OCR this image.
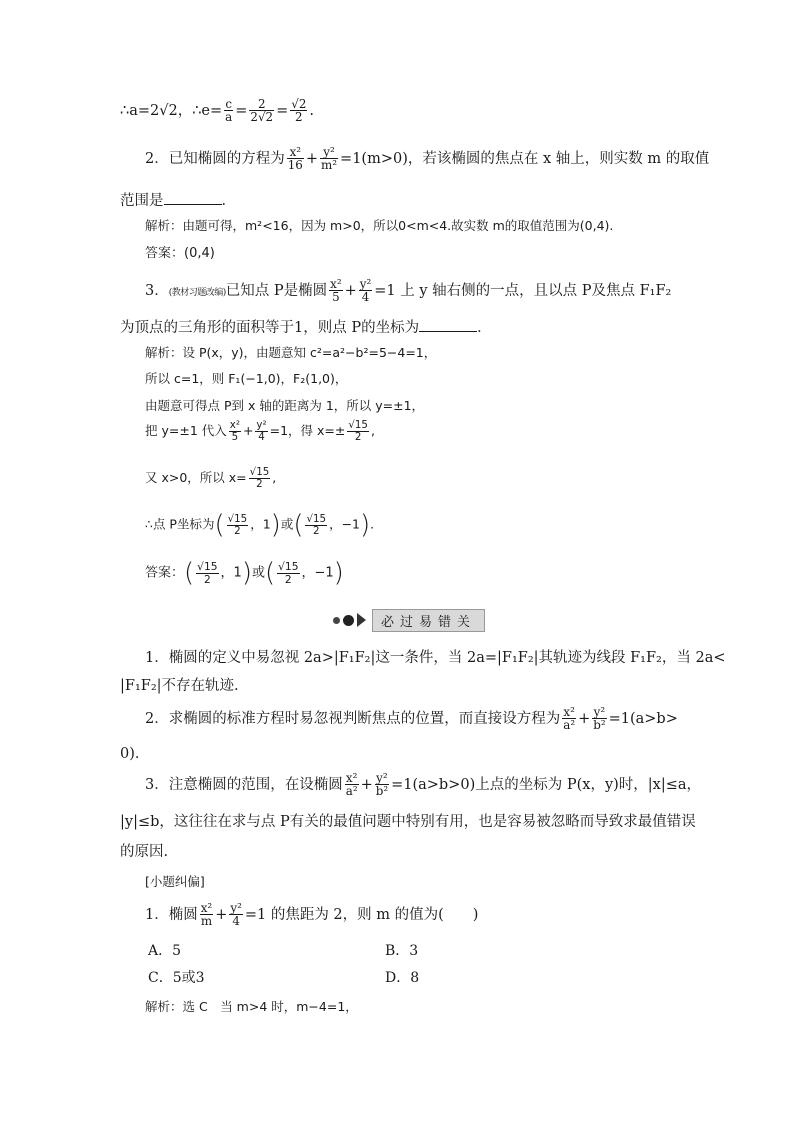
∴a=2√2，∴e= $\frac{c}{a} = \frac{2}{2√2} = \frac{√2}{2}$ .
2．已知椭圆的方程为 $\frac{\text{x²}}{16} + \frac{\text{y²}}{\text{m²}} =1(m>0)$，若该椭圆的焦点在 x 轴上，则实数 m 的取值
范围是	．
解析：由题可得，m²<16，因为 m>0，所以0<m<4.故实数 m的取值范围为(0,4).
答案：(0,4)
3．(教材习题改编)已知点 P是椭圆 $\frac{\text{x²}}{5} + \frac{\text{y²}}{4} =1$ 上 y 轴右侧的一点，且以点 P及焦点 F₁F₂
为顶点的三角形的面积等于1，则点 P的坐标为	．
解析：设 P(x，y)，由题意知 c²=a²−b²=5−4=1，
所以 c=1，则 F₁(−1,0)，F₂(1,0)，
由题意可得点 P到 x 轴的距离为 1，所以 y=±1，
把 y=±1 代入 $\frac{\text{x²}}{5} + \frac{\text{y²}}{4} =1$，得 $x=\pm \frac{√15}{2}$ ,
又 x>0，所以 $x= \frac{√15}{2}$ ,
∴点 P坐标为( $\frac{√15}{2}$ ，1)或( $\frac{√15}{2}$ ，−1).
答案：( $\frac{√15}{2}$ ，1)或( $\frac{√15}{2}$ ，−1)
必过易错关
1．椭圆的定义中易忽视 2a>|F₁F₂|这一条件，当 2a=|F₁F₂|其轨迹为线段 F₁F₂，当 2a<
|F₁F₂|不存在轨迹.
2．求椭圆的标准方程时易忽视判断焦点的位置，而直接设方程为 $\frac{\text{x²}}{\text{a²}} + \frac{\text{y²}}{\text{b²}} =1(a>b>$
0)．
3．注意椭圆的范围，在设椭圆 $\frac{\text{x²}}{\text{a²}} + \frac{\text{y²}}{\text{b²}} =1(a>b>0)$上点的坐标为 P(x，y)时，|x|≤a，
|y|≤b，这往往在求与点 P有关的最值问题中特别有用，也是容易被忽略而导致求最值错误
的原因.
[小题纠偏]
1．椭圆 $\frac{\text{x²}}{m} + \frac{\text{y²}}{4} =1$ 的焦距为 2，则 m 的值为(　　)
A．5	B．3
C．5或3	D．8
解析：选 C　当 m>4 时，m−4=1，
